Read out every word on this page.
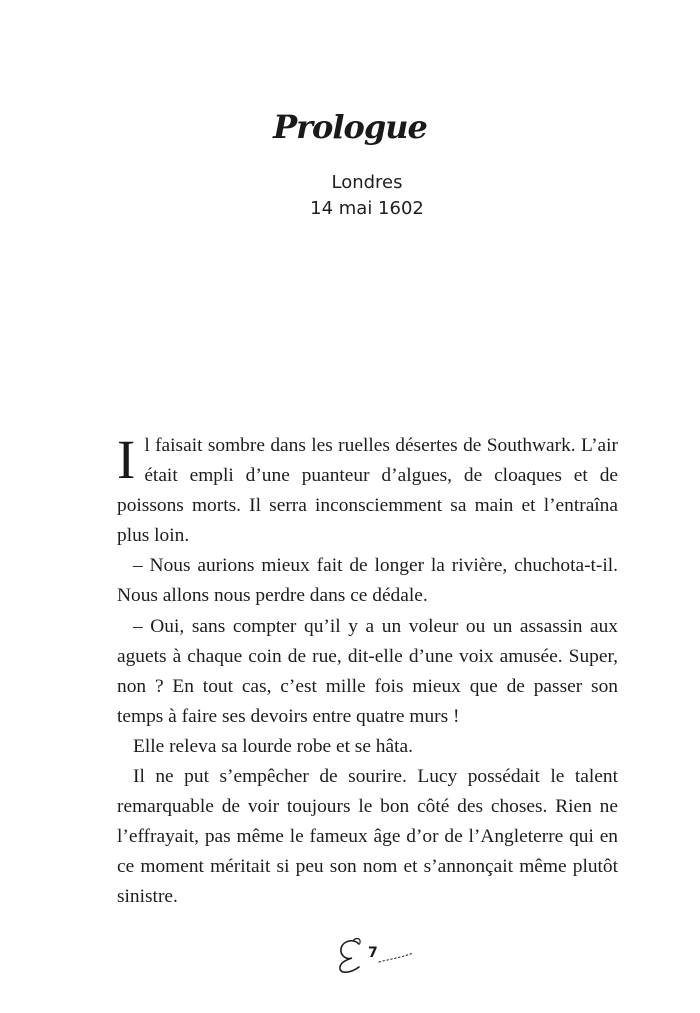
Prologue
Londres
14 mai 1602

Il faisait sombre dans les ruelles désertes de Southwark. L’air était empli d’une puanteur d’algues, de cloaques et de poissons morts. Il serra inconsciemment sa main et l’entraîna plus loin.

– Nous aurions mieux fait de longer la rivière, chuchota-t-il. Nous allons nous perdre dans ce dédale.

– Oui, sans compter qu’il y a un voleur ou un assassin aux aguets à chaque coin de rue, dit-elle d’une voix amusée. Super, non ? En tout cas, c’est mille fois mieux que de passer son temps à faire ses devoirs entre quatre murs !

Elle releva sa lourde robe et se hâta.

Il ne put s’empêcher de sourire. Lucy possédait le talent remarquable de voir toujours le bon côté des choses. Rien ne l’effrayait, pas même le fameux âge d’or de l’Angleterre qui en ce moment méritait si peu son nom et s’annonçait même plutôt sinistre.

7
